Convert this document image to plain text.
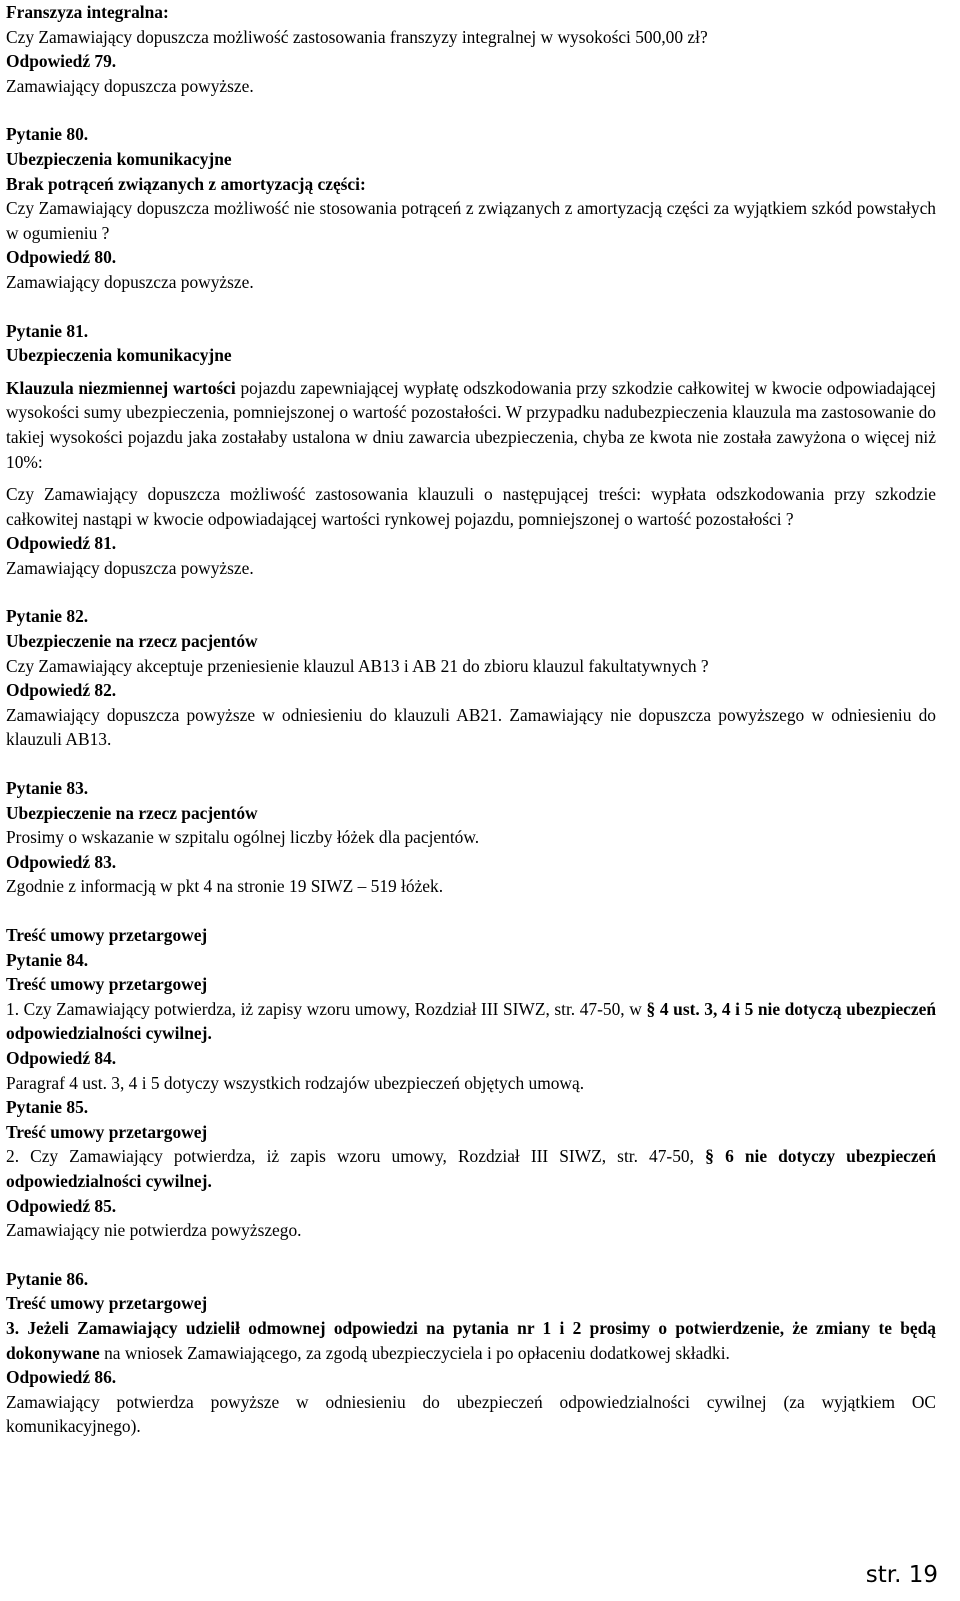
Franszyza integralna:

Czy Zamawiający dopuszcza możliwość zastosowania franszyzy integralnej w wysokości 500,00 zł?

Odpowiedź 79.

Zamawiający dopuszcza powyższe.

Pytanie 80.

Ubezpieczenia komunikacyjne

Brak potrąceń związanych z amortyzacją części:

Czy Zamawiający dopuszcza możliwość nie stosowania potrąceń z związanych z amortyzacją części za wyjątkiem szkód powstałych w ogumieniu ?

Odpowiedź 80.

Zamawiający dopuszcza powyższe.

Pytanie 81.

Ubezpieczenia komunikacyjne

Klauzula niezmiennej wartości pojazdu zapewniającej wypłatę odszkodowania przy szkodzie całkowitej w kwocie odpowiadającej wysokości sumy ubezpieczenia, pomniejszonej o wartość pozostałości. W przypadku nadubezpieczenia klauzula ma zastosowanie do takiej wysokości pojazdu jaka zostałaby ustalona w dniu zawarcia ubezpieczenia, chyba ze kwota nie została zawyżona o więcej niż 10%:

Czy Zamawiający dopuszcza możliwość zastosowania klauzuli o następującej treści: wypłata odszkodowania przy szkodzie całkowitej nastąpi w kwocie odpowiadającej wartości rynkowej pojazdu, pomniejszonej o wartość pozostałości ?

Odpowiedź 81.

Zamawiający dopuszcza powyższe.

Pytanie 82.

Ubezpieczenie na rzecz pacjentów

Czy Zamawiający akceptuje przeniesienie klauzul AB13 i AB 21 do zbioru klauzul fakultatywnych ?

Odpowiedź 82.

Zamawiający dopuszcza powyższe w odniesieniu do klauzuli AB21. Zamawiający nie dopuszcza powyższego w odniesieniu do klauzuli AB13.

Pytanie 83.

Ubezpieczenie na rzecz pacjentów

Prosimy o wskazanie w szpitalu ogólnej liczby łóżek dla pacjentów.

Odpowiedź 83.

Zgodnie z informacją w pkt 4 na stronie 19 SIWZ – 519 łóżek.

Treść umowy przetargowej

Pytanie 84.

Treść umowy przetargowej

1. Czy Zamawiający potwierdza, iż zapisy wzoru umowy, Rozdział III SIWZ, str. 47-50, w § 4 ust. 3, 4 i 5 nie dotyczą ubezpieczeń odpowiedzialności cywilnej.

Odpowiedź 84.

Paragraf 4 ust. 3, 4 i 5 dotyczy wszystkich rodzajów ubezpieczeń objętych umową.

Pytanie 85.

Treść umowy przetargowej

2. Czy Zamawiający potwierdza, iż zapis wzoru umowy, Rozdział III SIWZ, str. 47-50, § 6 nie dotyczy ubezpieczeń odpowiedzialności cywilnej.

Odpowiedź 85.

Zamawiający nie potwierdza powyższego.

Pytanie 86.

Treść umowy przetargowej

3. Jeżeli Zamawiający udzielił odmownej odpowiedzi na pytania nr 1 i 2 prosimy o potwierdzenie, że zmiany te będą dokonywane na wniosek Zamawiającego, za zgodą ubezpieczyciela i po opłaceniu dodatkowej składki.

Odpowiedź 86.

Zamawiający potwierdza powyższe w odniesieniu do ubezpieczeń odpowiedzialności cywilnej (za wyjątkiem OC komunikacyjnego).

str. 19
